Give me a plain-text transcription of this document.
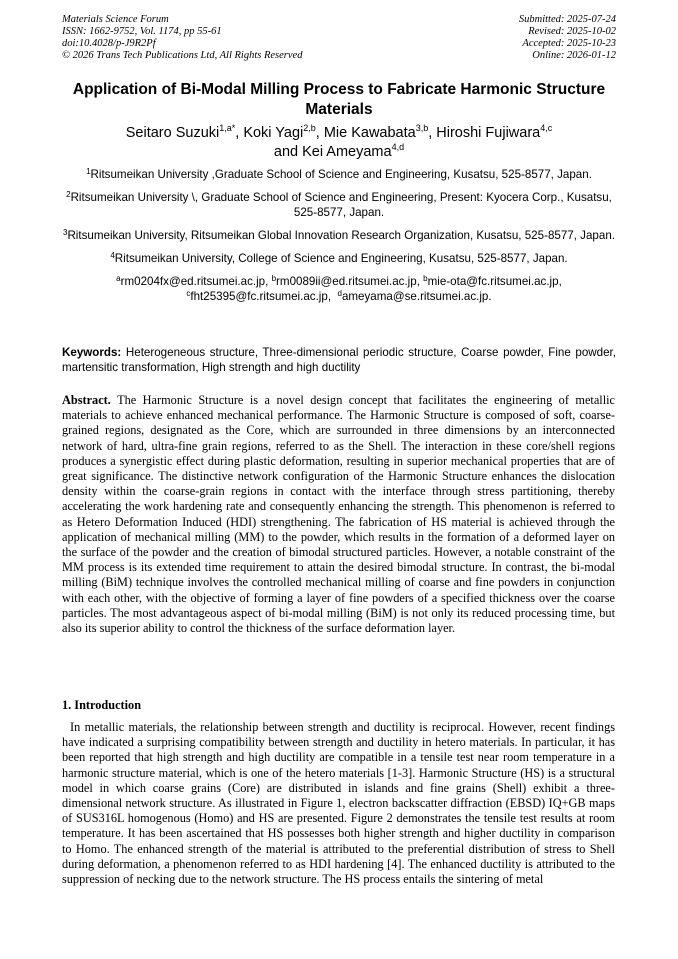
Materials Science Forum
ISSN: 1662-9752, Vol. 1174, pp 55-61
doi:10.4028/p-J9R2Pf
© 2026 Trans Tech Publications Ltd, All Rights Reserved
Submitted: 2025-07-24
Revised: 2025-10-02
Accepted: 2025-10-23
Online: 2026-01-12
Application of Bi-Modal Milling Process to Fabricate Harmonic Structure Materials
Seitaro Suzuki$^{1,a*}$, Koki Yagi$^{2,b}$, Mie Kawabata$^{3,b}$, Hiroshi Fujiwara$^{4,c}$
and Kei Ameyama$^{4,d}$

$^1$Ritsumeikan University ,Graduate School of Science and Engineering, Kusatsu, 525-8577, Japan.

$^2$Ritsumeikan University \, Graduate School of Science and Engineering, Present: Kyocera Corp., Kusatsu, 525-8577, Japan.

$^3$Ritsumeikan University, Ritsumeikan Global Innovation Research Organization, Kusatsu, 525-8577, Japan.

$^4$Ritsumeikan University, College of Science and Engineering, Kusatsu, 525-8577, Japan.

$^a$rm0204fx@ed.ritsumei.ac.jp, $^b$rm0089ii@ed.ritsumei.ac.jp, $^b$mie-ota@fc.ritsumei.ac.jp,
$^c$fht25395@fc.ritsumei.ac.jp,  $^d$ameyama@se.ritsumei.ac.jp.

Keywords: Heterogeneous structure, Three-dimensional periodic structure, Coarse powder, Fine powder, martensitic transformation, High strength and high ductility
Abstract. The Harmonic Structure is a novel design concept that facilitates the engineering of metallic materials to achieve enhanced mechanical performance. The Harmonic Structure is composed of soft, coarse-grained regions, designated as the Core, which are surrounded in three dimensions by an interconnected network of hard, ultra-fine grain regions, referred to as the Shell. The interaction in these core/shell regions produces a synergistic effect during plastic deformation, resulting in superior mechanical properties that are of great significance. The distinctive network configuration of the Harmonic Structure enhances the dislocation density within the coarse-grain regions in contact with the interface through stress partitioning, thereby accelerating the work hardening rate and consequently enhancing the strength. This phenomenon is referred to as Hetero Deformation Induced (HDI) strengthening. The fabrication of HS material is achieved through the application of mechanical milling (MM) to the powder, which results in the formation of a deformed layer on the surface of the powder and the creation of bimodal structured particles. However, a notable constraint of the MM process is its extended time requirement to attain the desired bimodal structure. In contrast, the bi-modal milling (BiM) technique involves the controlled mechanical milling of coarse and fine powders in conjunction with each other, with the objective of forming a layer of fine powders of a specified thickness over the coarse particles. The most advantageous aspect of bi-modal milling (BiM) is not only its reduced processing time, but also its superior ability to control the thickness of the surface deformation layer.
1. Introduction
In metallic materials, the relationship between strength and ductility is reciprocal. However, recent findings have indicated a surprising compatibility between strength and ductility in hetero materials. In particular, it has been reported that high strength and high ductility are compatible in a tensile test near room temperature in a harmonic structure material, which is one of the hetero materials [1-3]. Harmonic Structure (HS) is a structural model in which coarse grains (Core) are distributed in islands and fine grains (Shell) exhibit a three-dimensional network structure. As illustrated in Figure 1, electron backscatter diffraction (EBSD) IQ+GB maps of SUS316L homogenous (Homo) and HS are presented. Figure 2 demonstrates the tensile test results at room temperature. It has been ascertained that HS possesses both higher strength and higher ductility in comparison to Homo. The enhanced strength of the material is attributed to the preferential distribution of stress to Shell during deformation, a phenomenon referred to as HDI hardening [4]. The enhanced ductility is attributed to the suppression of necking due to the network structure. The HS process entails the sintering of metal
